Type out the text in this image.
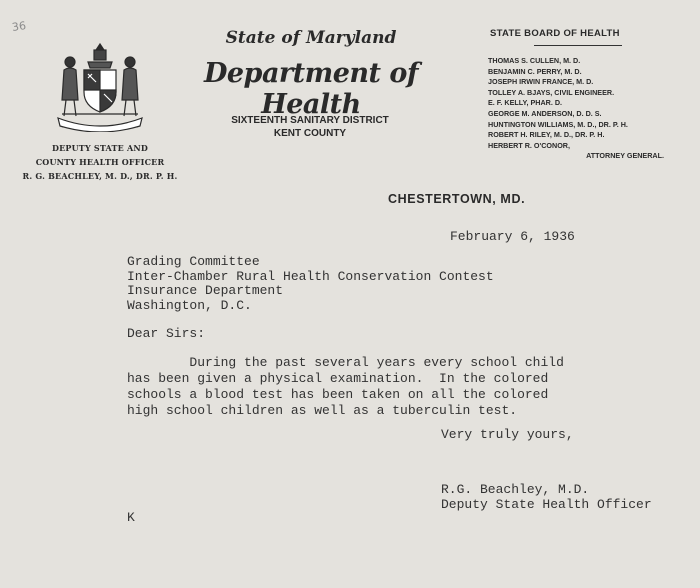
36
DEPUTY STATE AND
COUNTY HEALTH OFFICER
R. G. BEACHLEY, M. D., DR. P. H.
State of Maryland
Department of Health
SIXTEENTH SANITARY DISTRICT
KENT COUNTY
STATE BOARD OF HEALTH
THOMAS S. CULLEN, M. D.
BENJAMIN C. PERRY, M. D.
JOSEPH IRWIN FRANCE, M. D.
TOLLEY A. BJAYS, CIVIL ENGINEER.
E. F. KELLY, PHAR. D.
GEORGE M. ANDERSON, D. D. S.
HUNTINGTON WILLIAMS, M. D., DR. P. H.
ROBERT H. RILEY, M. D., DR. P. H.
HERBERT R. O'CONOR,
ATTORNEY GENERAL.
CHESTERTOWN, MD.
February 6, 1936
Grading Committee
Inter-Chamber Rural Health Conservation Contest
Insurance Department
Washington, D.C.
Dear Sirs:
During the past several years every school child
has been given a physical examination.  In the colored
schools a blood test has been taken on all the colored
high school children as well as a tuberculin test.
Very truly yours,
R.G. Beachley, M.D.
Deputy State Health Officer
K
